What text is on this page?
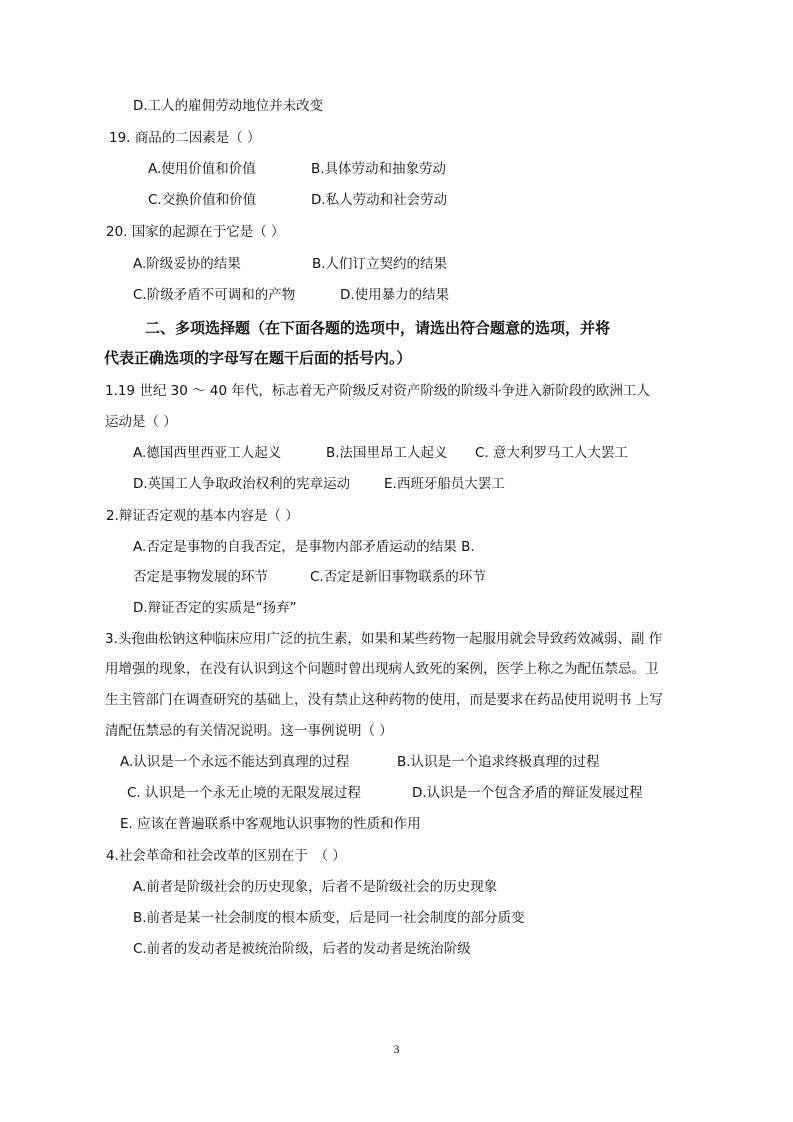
D.工人的雇佣劳动地位并未改变
19. 商品的二因素是（ ）
A.使用价值和价值	B.具体劳动和抽象劳动
C.交换价值和价值	D.私人劳动和社会劳动
20. 国家的起源在于它是（ ）
A.阶级妥协的结果	B.人们订立契约的结果
C.阶级矛盾不可调和的产物	D.使用暴力的结果
二、多项选择题（在下面各题的选项中，请选出符合题意的选项，并将
代表正确选项的字母写在题干后面的括号内。）
1.19 世纪 30 ～ 40 年代，标志着无产阶级反对资产阶级的阶级斗争进入新阶段的欧洲工人
运动是（ ）
A.德国西里西亚工人起义	B.法国里昂工人起义 C. 意大利罗马工人大罢工
D.英国工人争取政治权利的宪章运动	E.西班牙船员大罢工
2.辩证否定观的基本内容是（ ）
A.否定是事物的自我否定，是事物内部矛盾运动的结果 B.
否定是事物发展的环节	C.否定是新旧事物联系的环节
D.辩证否定的实质是“扬弃”
3.头孢曲松钠这种临床应用广泛的抗生素，如果和某些药物一起服用就会导致药效减弱、副 作
用增强的现象，在没有认识到这个问题时曾出现病人致死的案例，医学上称之为配伍禁忌。卫
生主管部门在调查研究的基础上，没有禁止这种药物的使用，而是要求在药品使用说明书 上写
清配伍禁忌的有关情况说明。这一事例说明（ ）
A.认识是一个永远不能达到真理的过程	B.认识是一个追求终极真理的过程
C. 认识是一个永无止境的无限发展过程	D.认识是一个包含矛盾的辩证发展过程
E. 应该在普遍联系中客观地认识事物的性质和作用
4.社会革命和社会改革的区别在于　（ ）
A.前者是阶级社会的历史现象，后者不是阶级社会的历史现象
B.前者是某一社会制度的根本质变，后是同一社会制度的部分质变
C.前者的发动者是被统治阶级，后者的发动者是统治阶级
3
